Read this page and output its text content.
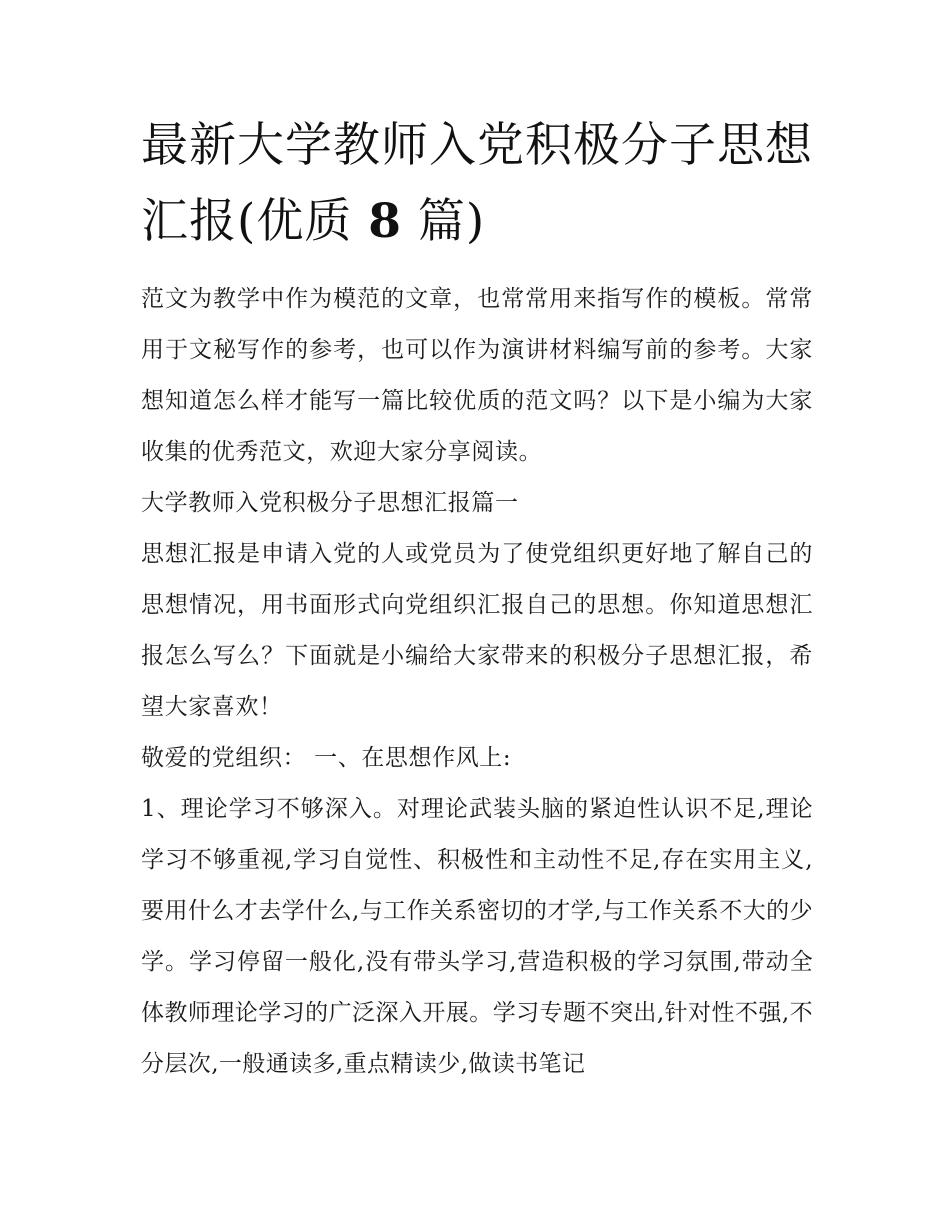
最新大学教师入党积极分子思想汇报(优质 8 篇)

范文为教学中作为模范的文章，也常常用来指写作的模板。常常用于文秘写作的参考，也可以作为演讲材料编写前的参考。大家想知道怎么样才能写一篇比较优质的范文吗？以下是小编为大家收集的优秀范文，欢迎大家分享阅读。

大学教师入党积极分子思想汇报篇一

思想汇报是申请入党的人或党员为了使党组织更好地了解自己的思想情况，用书面形式向党组织汇报自己的思想。你知道思想汇报怎么写么？下面就是小编给大家带来的积极分子思想汇报，希望大家喜欢！

敬爱的党组织： 一、在思想作风上:

1、理论学习不够深入。对理论武装头脑的紧迫性认识不足,理论学习不够重视,学习自觉性、积极性和主动性不足,存在实用主义,要用什么才去学什么,与工作关系密切的才学,与工作关系不大的少学。学习停留一般化,没有带头学习,营造积极的学习氛围,带动全体教师理论学习的广泛深入开展。学习专题不突出,针对性不强,不分层次,一般通读多,重点精读少,做读书笔记
